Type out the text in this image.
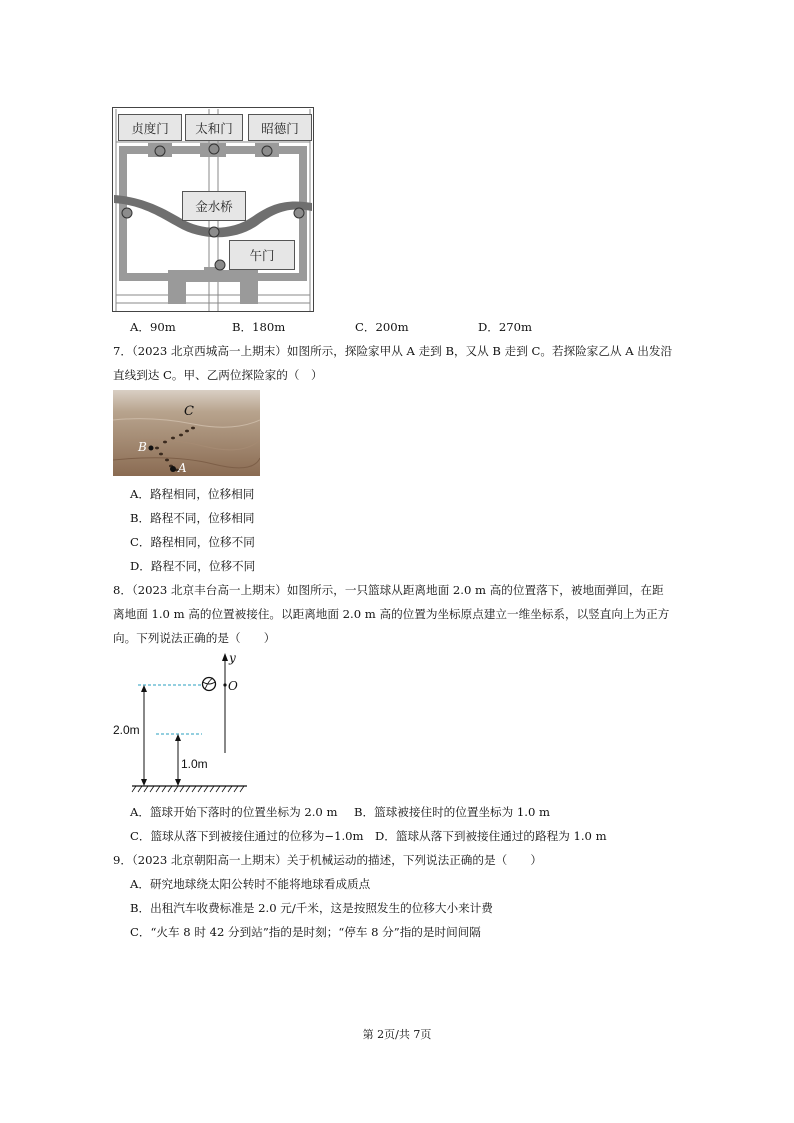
贞度门	太和门	昭德门
金水桥
午门
A．90m	B．180m	C．200m	D．270m
7．（2023 北京西城高一上期末）如图所示，探险家甲从 A 走到 B，又从 B 走到 C。若探险家乙从 A 出发沿
直线到达 C。甲、乙两位探险家的（　）
C
B
A
A．路程相同，位移相同
B．路程不同，位移相同
C．路程相同，位移不同
D．路程不同，位移不同
8．（2023 北京丰台高一上期末）如图所示，一只篮球从距离地面 2.0 m 高的位置落下，被地面弹回，在距
离地面 1.0 m 高的位置被接住。以距离地面 2.0 m 高的位置为坐标原点建立一维坐标系，以竖直向上为正方
向。下列说法正确的是（　　）
y
O
2.0m
1.0m
A．篮球开始下落时的位置坐标为 2.0 m B．篮球被接住时的位置坐标为 1.0 m
C．篮球从落下到被接住通过的位移为−1.0m D．篮球从落下到被接住通过的路程为 1.0 m
9．（2023 北京朝阳高一上期末）关于机械运动的描述，下列说法正确的是（　　）
A．研究地球绕太阳公转时不能将地球看成质点
B．出租汽车收费标准是 2.0 元/千米，这是按照发生的位移大小来计费
C．“火车 8 时 42 分到站”指的是时刻；“停车 8 分”指的是时间间隔
第 2页/共 7页
